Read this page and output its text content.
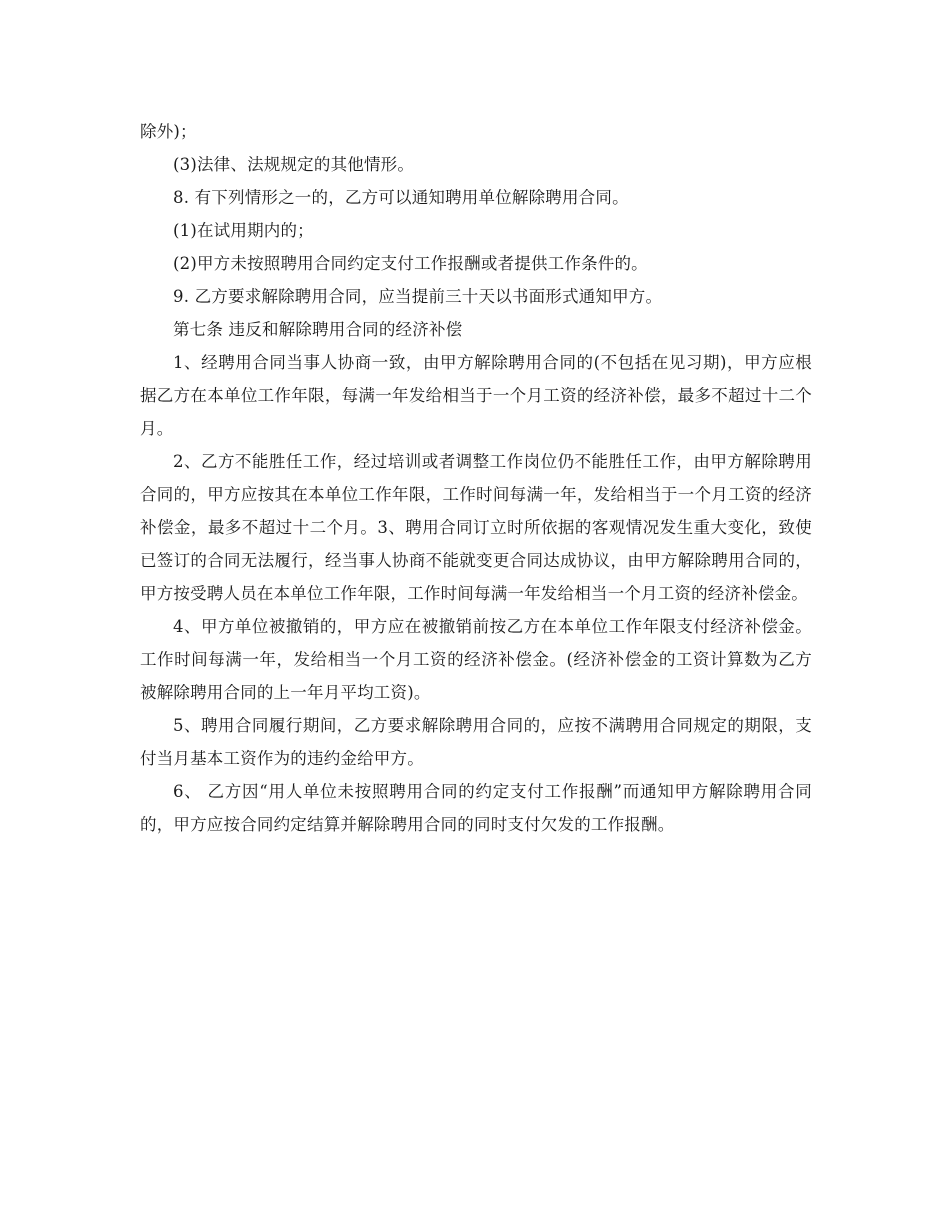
除外)；

(3)法律、法规规定的其他情形。

8. 有下列情形之一的，乙方可以通知聘用单位解除聘用合同。

(1)在试用期内的；

(2)甲方未按照聘用合同约定支付工作报酬或者提供工作条件的。

9. 乙方要求解除聘用合同，应当提前三十天以书面形式通知甲方。

第七条 违反和解除聘用合同的经济补偿

1、经聘用合同当事人协商一致，由甲方解除聘用合同的(不包括在见习期)，甲方应根据乙方在本单位工作年限，每满一年发给相当于一个月工资的经济补偿，最多不超过十二个月。

2、乙方不能胜任工作，经过培训或者调整工作岗位仍不能胜任工作，由甲方解除聘用合同的，甲方应按其在本单位工作年限，工作时间每满一年，发给相当于一个月工资的经济补偿金，最多不超过十二个月。3、聘用合同订立时所依据的客观情况发生重大变化，致使已签订的合同无法履行，经当事人协商不能就变更合同达成协议，由甲方解除聘用合同的，甲方按受聘人员在本单位工作年限，工作时间每满一年发给相当一个月工资的经济补偿金。

4、甲方单位被撤销的，甲方应在被撤销前按乙方在本单位工作年限支付经济补偿金。工作时间每满一年，发给相当一个月工资的经济补偿金。(经济补偿金的工资计算数为乙方被解除聘用合同的上一年月平均工资)。

5、聘用合同履行期间，乙方要求解除聘用合同的，应按不满聘用合同规定的期限，支付当月基本工资作为的违约金给甲方。

6、 乙方因“用人单位未按照聘用合同的约定支付工作报酬”而通知甲方解除聘用合同的，甲方应按合同约定结算并解除聘用合同的同时支付欠发的工作报酬。
